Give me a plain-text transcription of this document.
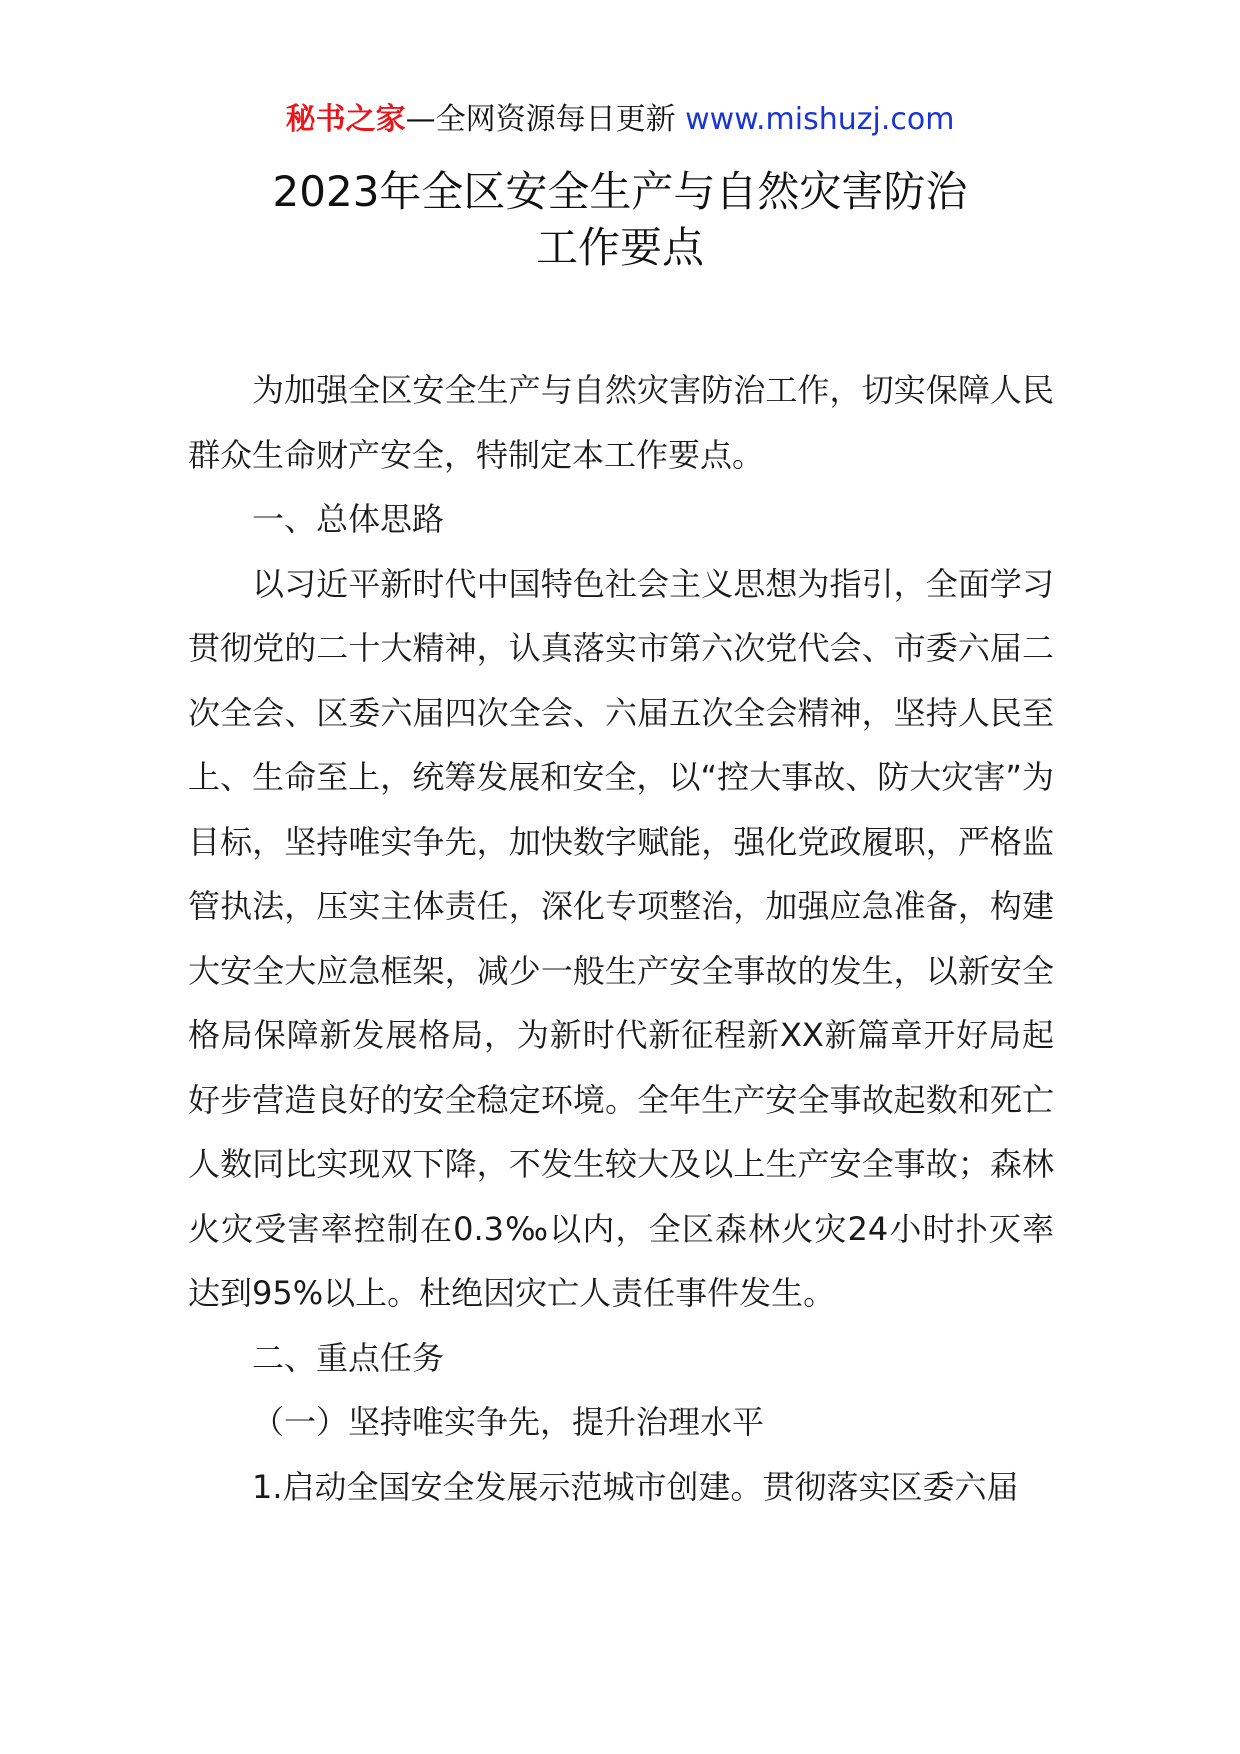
秘书之家—全网资源每日更新 www.mishuzj.com
2023年全区安全生产与自然灾害防治
工作要点

为加强全区安全生产与自然灾害防治工作，切实保障人民群众生命财产安全，特制定本工作要点。

一、总体思路

以习近平新时代中国特色社会主义思想为指引，全面学习贯彻党的二十大精神，认真落实市第六次党代会、市委六届二次全会、区委六届四次全会、六届五次全会精神，坚持人民至上、生命至上，统筹发展和安全，以“控大事故、防大灾害”为目标，坚持唯实争先，加快数字赋能，强化党政履职，严格监管执法，压实主体责任，深化专项整治，加强应急准备，构建大安全大应急框架，减少一般生产安全事故的发生，以新安全格局保障新发展格局，为新时代新征程新XX新篇章开好局起好步营造良好的安全稳定环境。全年生产安全事故起数和死亡人数同比实现双下降，不发生较大及以上生产安全事故；森林火灾受害率控制在0.3‰以内，全区森林火灾24小时扑灭率达到95%以上。杜绝因灾亡人责任事件发生。

二、重点任务

（一）坚持唯实争先，提升治理水平

1.启动全国安全发展示范城市创建。贯彻落实区委六届
